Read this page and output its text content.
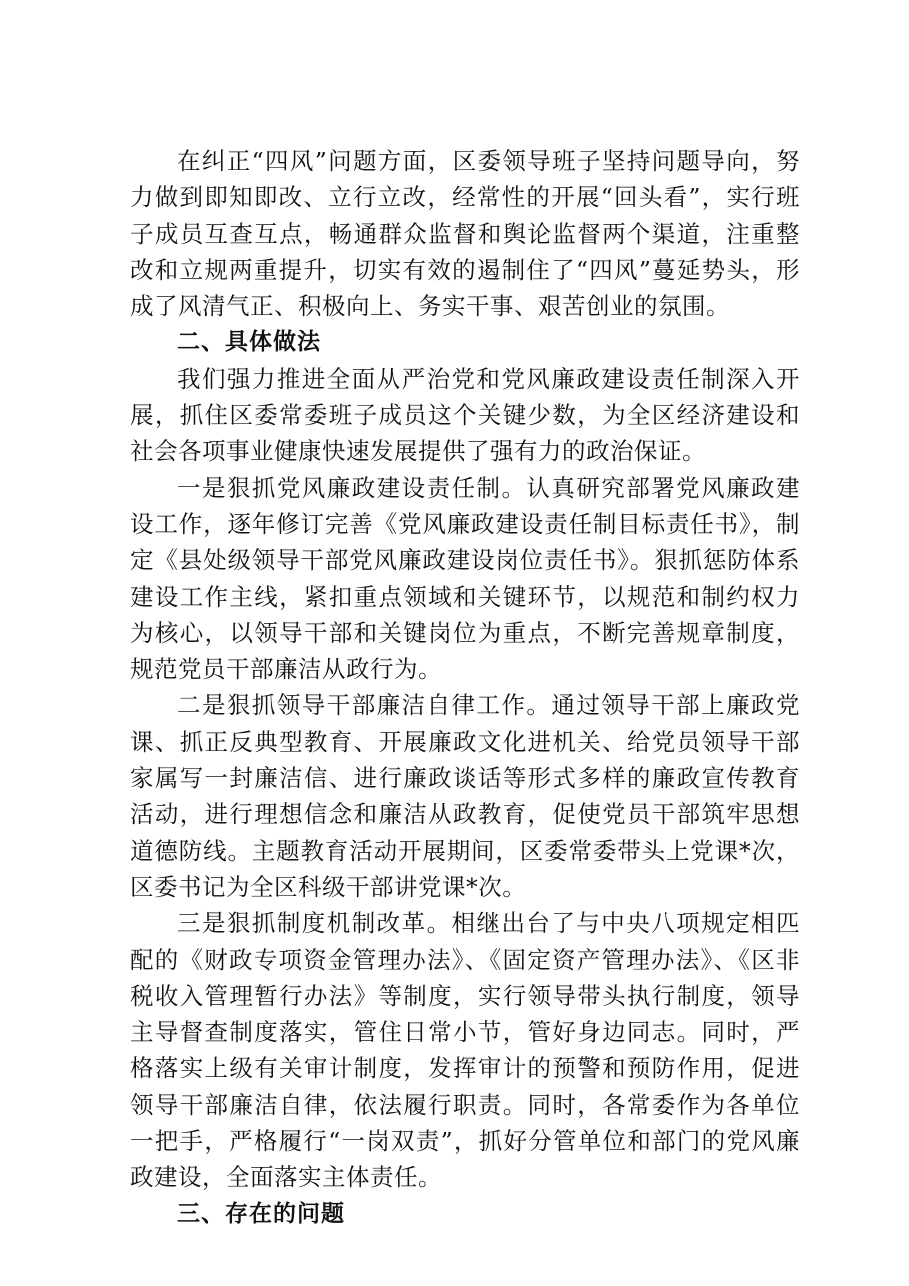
在纠正“四风”问题方面，区委领导班子坚持问题导向，努力做到即知即改、立行立改，经常性的开展“回头看”，实行班子成员互查互点，畅通群众监督和舆论监督两个渠道，注重整改和立规两重提升，切实有效的遏制住了“四风”蔓延势头，形成了风清气正、积极向上、务实干事、艰苦创业的氛围。

二、具体做法

我们强力推进全面从严治党和党风廉政建设责任制深入开展，抓住区委常委班子成员这个关键少数，为全区经济建设和社会各项事业健康快速发展提供了强有力的政治保证。

一是狠抓党风廉政建设责任制。认真研究部署党风廉政建设工作，逐年修订完善《党风廉政建设责任制目标责任书》，制定《县处级领导干部党风廉政建设岗位责任书》。狠抓惩防体系建设工作主线，紧扣重点领域和关键环节，以规范和制约权力为核心，以领导干部和关键岗位为重点，不断完善规章制度，规范党员干部廉洁从政行为。

二是狠抓领导干部廉洁自律工作。通过领导干部上廉政党课、抓正反典型教育、开展廉政文化进机关、给党员领导干部家属写一封廉洁信、进行廉政谈话等形式多样的廉政宣传教育活动，进行理想信念和廉洁从政教育，促使党员干部筑牢思想道德防线。主题教育活动开展期间，区委常委带头上党课*次，区委书记为全区科级干部讲党课*次。

三是狠抓制度机制改革。相继出台了与中央八项规定相匹配的《财政专项资金管理办法》、《固定资产管理办法》、《区非税收入管理暂行办法》等制度，实行领导带头执行制度，领导主导督查制度落实，管住日常小节，管好身边同志。同时，严格落实上级有关审计制度，发挥审计的预警和预防作用，促进领导干部廉洁自律，依法履行职责。同时，各常委作为各单位一把手，严格履行“一岗双责”，抓好分管单位和部门的党风廉政建设，全面落实主体责任。

三、存在的问题
